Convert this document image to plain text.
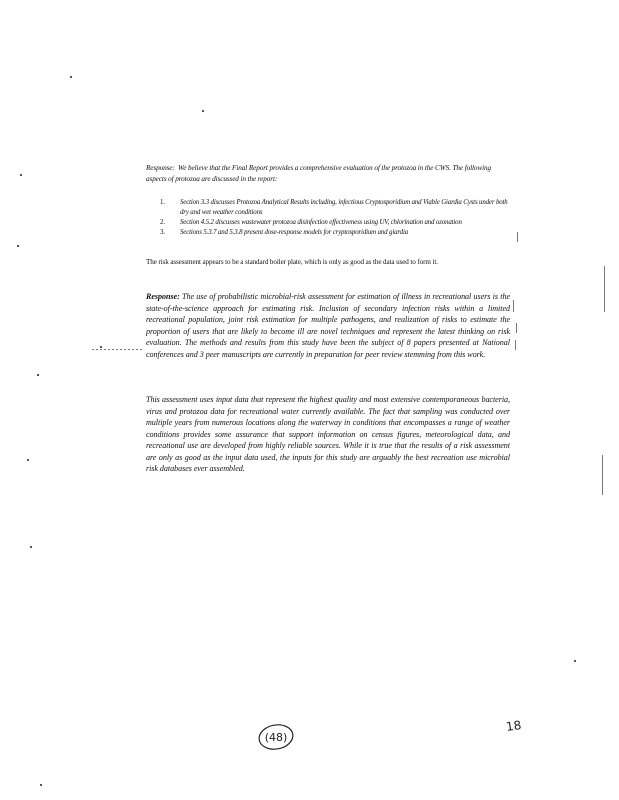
Response: We believe that the Final Report provides a comprehensive evaluation of the protozoa in the CWS. The following aspects of protozoa are discussed in the report:
1.	Section 3.3 discusses Protozoa Analytical Results including, infectious Cryptosporidium and Viable Giardia Cysts under both dry and wet weather conditions
2.	Section 4.5.2 discusses wastewater protozoa disinfection effectiveness using UV, chlorination and ozonation
3.	Sections 5.3.7 and 5.3.8 present dose-response models for cryptosporidium and giardia
The risk assessment appears to be a standard boiler plate, which is only as good as the data used to form it.
Response: The use of probabilistic microbial-risk assessment for estimation of illness in recreational users is the state-of-the-science approach for estimating risk. Inclusion of secondary infection risks within a limited recreational population, joint risk estimation for multiple pathogens, and realization of risks to estimate the proportion of users that are likely to become ill are novel techniques and represent the latest thinking on risk evaluation. The methods and results from this study have been the subject of 8 papers presented at National conferences and 3 peer manuscripts are currently in preparation for peer review stemming from this work.
This assessment uses input data that represent the highest quality and most extensive contemporaneous bacteria, virus and protozoa data for recreational water currently available. The fact that sampling was conducted over multiple years from numerous locations along the waterway in conditions that encompasses a range of weather conditions provides some assurance that support information on census figures, meteorological data, and recreational use are developed from highly reliable sources. While it is true that the results of a risk assessment are only as good as the input data used, the inputs for this study are arguably the best recreation use microbial risk databases ever assembled.
(48)
18
